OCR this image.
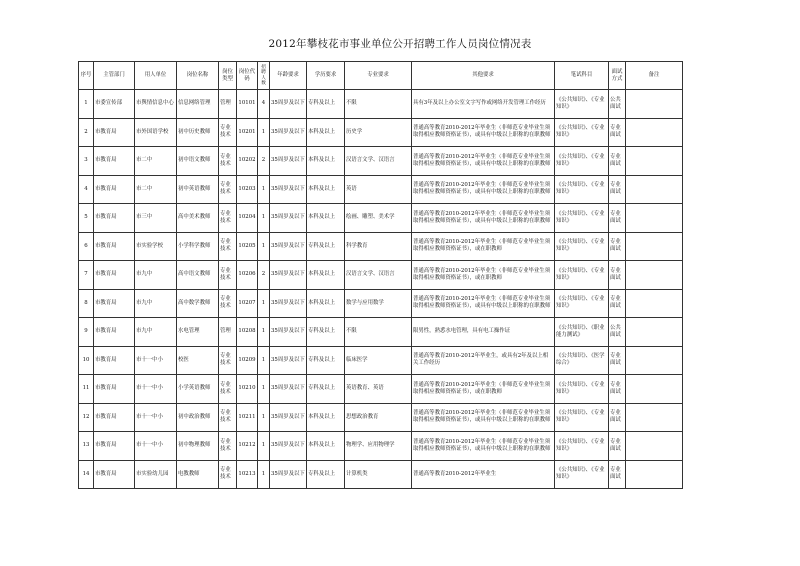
2012年攀枝花市事业单位公开招聘工作人员岗位情况表
序号	主管部门	用人单位	岗位名称	岗位类型	岗位代码	招聘人数	年龄要求	学历要求	专业要求	其他要求	笔试科目	面试方式	备注
1	市委宣传部	市舆情信息中心	信息网络管理	管理	10101	4	35周岁及以下	专科及以上	不限	具有3年及以上办公室文字写作或网络开发管理工作经历	《公共知识》、《专业知识》	公共面试	
2	市教育局	市外国语学校	初中历史教师	专业技术	10201	1	35周岁及以下	本科及以上	历史学	普通高等教育2010-2012年毕业生（非师范专业毕业生须取得相应教师资格证书），或具有中级以上职称的在职教师	《公共知识》、《专业知识》	专业面试	
3	市教育局	市二中	初中语文教师	专业技术	10202	2	35周岁及以下	本科及以上	汉语言文学、汉语言	普通高等教育2010-2012年毕业生（非师范专业毕业生须取得相应教师资格证书），或具有中级以上职称的在职教师	《公共知识》、《专业知识》	专业面试	
4	市教育局	市二中	初中英语教师	专业技术	10203	1	35周岁及以下	本科及以上	英语	普通高等教育2010-2012年毕业生（非师范专业毕业生须取得相应教师资格证书），或具有中级以上职称的在职教师	《公共知识》、《专业知识》	专业面试	
5	市教育局	市三中	高中美术教师	专业技术	10204	1	35周岁及以下	本科及以上	绘画、雕塑、美术学	普通高等教育2010-2012年毕业生（非师范专业毕业生须取得相应教师资格证书），或具有中级以上职称的在职教师	《公共知识》、《专业知识》	专业面试	
6	市教育局	市实验学校	小学科学教师	专业技术	10205	1	35周岁及以下	专科及以上	科学教育	普通高等教育2010-2012年毕业生（非师范专业毕业生须取得相应教师资格证书），或在职教师	《公共知识》、《专业知识》	专业面试	
7	市教育局	市九中	高中语文教师	专业技术	10206	2	35周岁及以下	本科及以上	汉语言文学、汉语言	普通高等教育2010-2012年毕业生（非师范专业毕业生须取得相应教师资格证书），或在职教师	《公共知识》、《专业知识》	专业面试	
8	市教育局	市九中	高中数学教师	专业技术	10207	1	35周岁及以下	本科及以上	数学与应用数学	普通高等教育2010-2012年毕业生（非师范专业毕业生须取得相应教师资格证书），或具有中级以上职称的在职教师	《公共知识》、《专业知识》	专业面试	
9	市教育局	市九中	水电管理	管理	10208	1	35周岁及以下	专科及以上	不限	限男性，熟悉水电管理，具有电工操作证	《公共知识》、《职业能力测试》	公共面试	
10	市教育局	市十一中小	校医	专业技术	10209	1	35周岁及以下	专科及以上	临床医学	普通高等教育2010-2012年毕业生，或具有2年及以上相关工作经历	《公共知识》、《医学综合》	专业面试	
11	市教育局	市十一中小	小学英语教师	专业技术	10210	1	35周岁及以下	专科及以上	英语教育、英语	普通高等教育2010-2012年毕业生（非师范专业毕业生须取得相应教师资格证书），或在职教师	《公共知识》、《专业知识》	专业面试	
12	市教育局	市十一中小	初中政治教师	专业技术	10211	1	35周岁及以下	本科及以上	思想政治教育	普通高等教育2010-2012年毕业生（非师范专业毕业生须取得相应教师资格证书），或具有中级以上职称的在职教师	《公共知识》、《专业知识》	专业面试	
13	市教育局	市十一中小	初中物理教师	专业技术	10212	1	35周岁及以下	本科及以上	物理学、应用物理学	普通高等教育2010-2012年毕业生（非师范专业毕业生须取得相应教师资格证书），或具有中级以上职称的在职教师	《公共知识》、《专业知识》	专业面试	
14	市教育局	市实验幼儿园	电教教师	专业技术	10213	1	35周岁及以下	专科及以上	计算机类	普通高等教育2010-2012年毕业生	《公共知识》、《专业知识》	专业面试	
